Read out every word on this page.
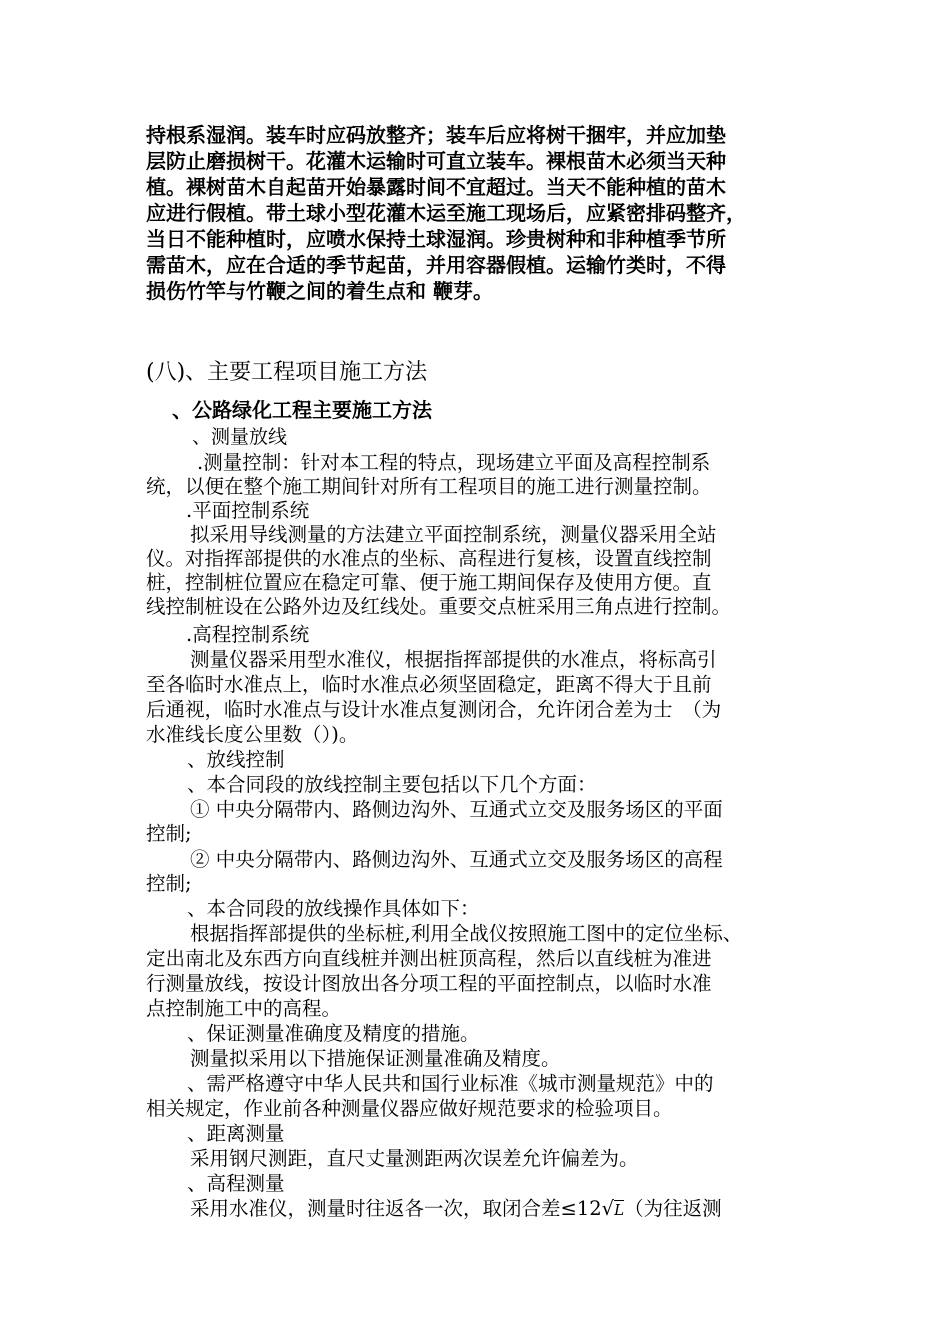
持根系湿润。装车时应码放整齐；装车后应将树干捆牢，并应加垫

层防止磨损树干。花灌木运输时可直立装车。裸根苗木必须当天种

植。裸树苗木自起苗开始暴露时间不宜超过。当天不能种植的苗木

应进行假植。带土球小型花灌木运至施工现场后，应紧密排码整齐，

当日不能种植时，应喷水保持土球湿润。珍贵树种和非种植季节所

需苗木，应在合适的季节起苗，并用容器假植。运输竹类时，不得

损伤竹竿与竹鞭之间的着生点和 鞭芽。

(八)、主要工程项目施工方法

、公路绿化工程主要施工方法

、测量放线

.测量控制：针对本工程的特点，现场建立平面及高程控制系

统，以便在整个施工期间针对所有工程项目的施工进行测量控制。

.平面控制系统

拟采用导线测量的方法建立平面控制系统，测量仪器采用全站

仪。对指挥部提供的水准点的坐标、高程进行复核，设置直线控制

桩，控制桩位置应在稳定可靠、便于施工期间保存及使用方便。直

线控制桩设在公路外边及红线处。重要交点桩采用三角点进行控制。

.高程控制系统

测量仪器采用型水准仪，根据指挥部提供的水准点，将标高引

至各临时水准点上，临时水准点必须坚固稳定，距离不得大于且前

后通视，临时水准点与设计水准点复测闭合，允许闭合差为士　（为

水准线长度公里数（）)。

、放线控制

、本合同段的放线控制主要包括以下几个方面：

① 中央分隔带内、路侧边沟外、互通式立交及服务场区的平面

控制;

② 中央分隔带内、路侧边沟外、互通式立交及服务场区的高程

控制;

、本合同段的放线操作具体如下：

根据指挥部提供的坐标桩,利用全战仪按照施工图中的定位坐标、

定出南北及东西方向直线桩并测出桩顶高程，然后以直线桩为准进

行测量放线，按设计图放出各分项工程的平面控制点，以临时水准

点控制施工中的高程。

、保证测量准确度及精度的措施。

测量拟采用以下措施保证测量准确及精度。

、需严格遵守中华人民共和国行业标准《城市测量规范》中的

相关规定，作业前各种测量仪器应做好规范要求的检验项目。

、距离测量

采用钢尺测距，直尺丈量测距两次误差允许偏差为。

、高程测量

采用水准仪，测量时往返各一次，取闭合差≤12√L（为往返测
